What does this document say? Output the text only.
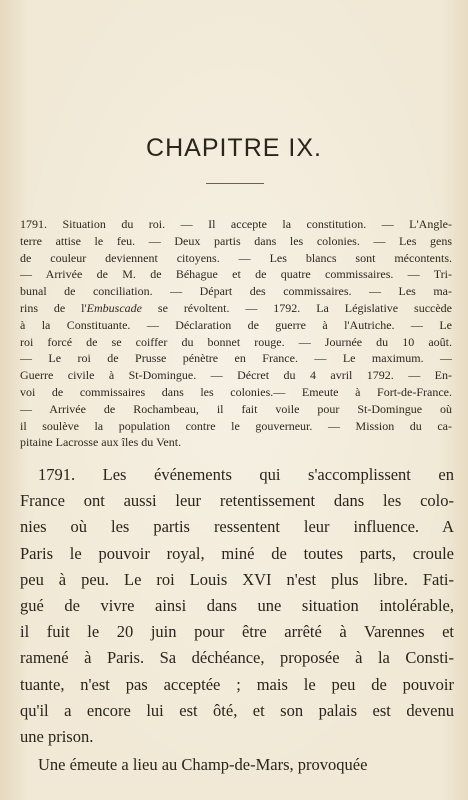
CHAPITRE IX.
1791. Situation du roi. — Il accepte la constitution. — L'Angle-
terre attise le feu. — Deux partis dans les colonies. — Les gens
de couleur deviennent citoyens. — Les blancs sont mécontents.
— Arrivée de M. de Béhague et de quatre commissaires. — Tri-
bunal de conciliation. — Départ des commissaires. — Les ma-
rins de l'Embuscade se révoltent. — 1792. La Législative succède
à la Constituante. — Déclaration de guerre à l'Autriche. — Le
roi forcé de se coiffer du bonnet rouge. — Journée du 10 août.
— Le roi de Prusse pénètre en France. — Le maximum. —
Guerre civile à St-Domingue. — Décret du 4 avril 1792. — En-
voi de commissaires dans les colonies.— Emeute à Fort-de-France.
— Arrivée de Rochambeau, il fait voile pour St-Domingue où
il soulève la population contre le gouverneur. — Mission du ca-
pitaine Lacrosse aux îles du Vent.
1791. Les événements qui s'accomplissent en
France ont aussi leur retentissement dans les colo-
nies où les partis ressentent leur influence. A
Paris le pouvoir royal, miné de toutes parts, croule
peu à peu. Le roi Louis XVI n'est plus libre. Fati-
gué de vivre ainsi dans une situation intolérable,
il fuit le 20 juin pour être arrêté à Varennes et
ramené à Paris. Sa déchéance, proposée à la Consti-
tuante, n'est pas acceptée ; mais le peu de pouvoir
qu'il a encore lui est ôté, et son palais est devenu
une prison.
Une émeute a lieu au Champ-de-Mars, provoquée
